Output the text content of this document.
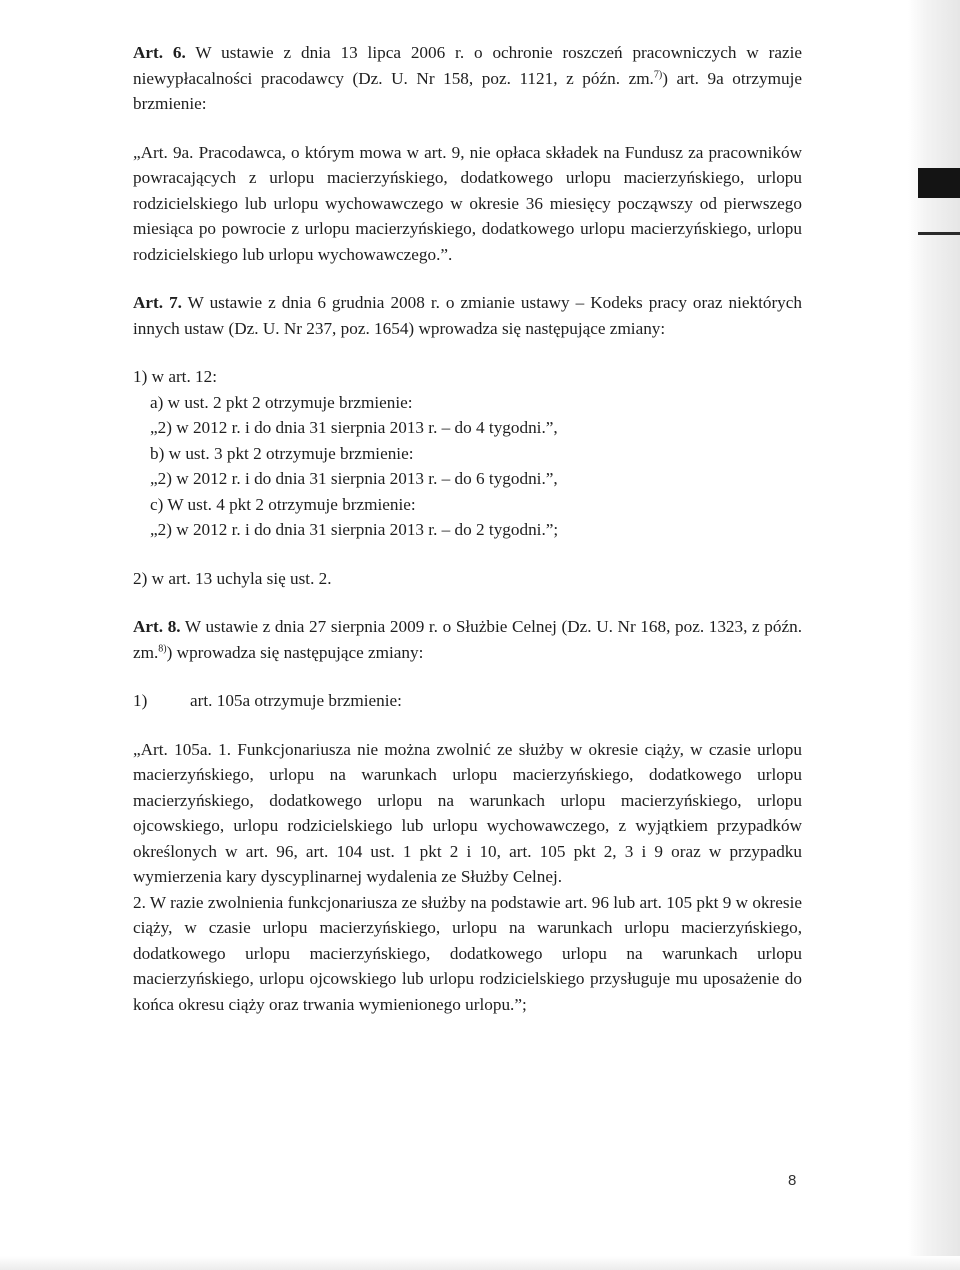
Art. 6. W ustawie z dnia 13 lipca 2006 r. o ochronie roszczeń pracowniczych w razie niewypłacalności pracodawcy (Dz. U. Nr 158, poz. 1121, z późn. zm.$^{7)}$) art. 9a otrzymuje brzmienie:

„Art. 9a. Pracodawca, o którym mowa w art. 9, nie opłaca składek na Fundusz za pracowników powracających z urlopu macierzyńskiego, dodatkowego urlopu macierzyńskiego, urlopu rodzicielskiego lub urlopu wychowawczego w okresie 36 miesięcy począwszy od pierwszego miesiąca po powrocie z urlopu macierzyńskiego, dodatkowego urlopu macierzyńskiego, urlopu rodzicielskiego lub urlopu wychowawczego.”.

Art. 7. W ustawie z dnia 6 grudnia 2008 r. o zmianie ustawy – Kodeks pracy oraz niektórych innych ustaw (Dz. U. Nr 237, poz. 1654) wprowadza się następujące zmiany:

1) w art. 12:

a) w ust. 2 pkt 2 otrzymuje brzmienie:

„2) w 2012 r. i do dnia 31 sierpnia 2013 r. – do 4 tygodni.”,

b) w ust. 3 pkt 2 otrzymuje brzmienie:

„2) w 2012 r. i do dnia 31 sierpnia 2013 r. – do 6 tygodni.”,

c) W ust. 4 pkt 2 otrzymuje brzmienie:

„2) w 2012 r. i do dnia 31 sierpnia 2013 r. – do 2 tygodni.”;

2) w art. 13 uchyla się ust. 2.

Art. 8. W ustawie z dnia 27 sierpnia 2009 r. o Służbie Celnej (Dz. U. Nr 168, poz. 1323, z późn. zm.$^{8)}$) wprowadza się następujące zmiany:

1) art. 105a otrzymuje brzmienie:

„Art. 105a. 1. Funkcjonariusza nie można zwolnić ze służby w okresie ciąży, w czasie urlopu macierzyńskiego, urlopu na warunkach urlopu macierzyńskiego, dodatkowego urlopu macierzyńskiego, dodatkowego urlopu na warunkach urlopu macierzyńskiego, urlopu ojcowskiego, urlopu rodzicielskiego lub urlopu wychowawczego, z wyjątkiem przypadków określonych w art. 96, art. 104 ust. 1 pkt 2 i 10, art. 105 pkt 2, 3 i 9 oraz w przypadku wymierzenia kary dyscyplinarnej wydalenia ze Służby Celnej.

2. W razie zwolnienia funkcjonariusza ze służby na podstawie art. 96 lub art. 105 pkt 9 w okresie ciąży, w czasie urlopu macierzyńskiego, urlopu na warunkach urlopu macierzyńskiego, dodatkowego urlopu macierzyńskiego, dodatkowego urlopu na warunkach urlopu macierzyńskiego, urlopu ojcowskiego lub urlopu rodzicielskiego przysługuje mu uposażenie do końca okresu ciąży oraz trwania wymienionego urlopu.”;

8
